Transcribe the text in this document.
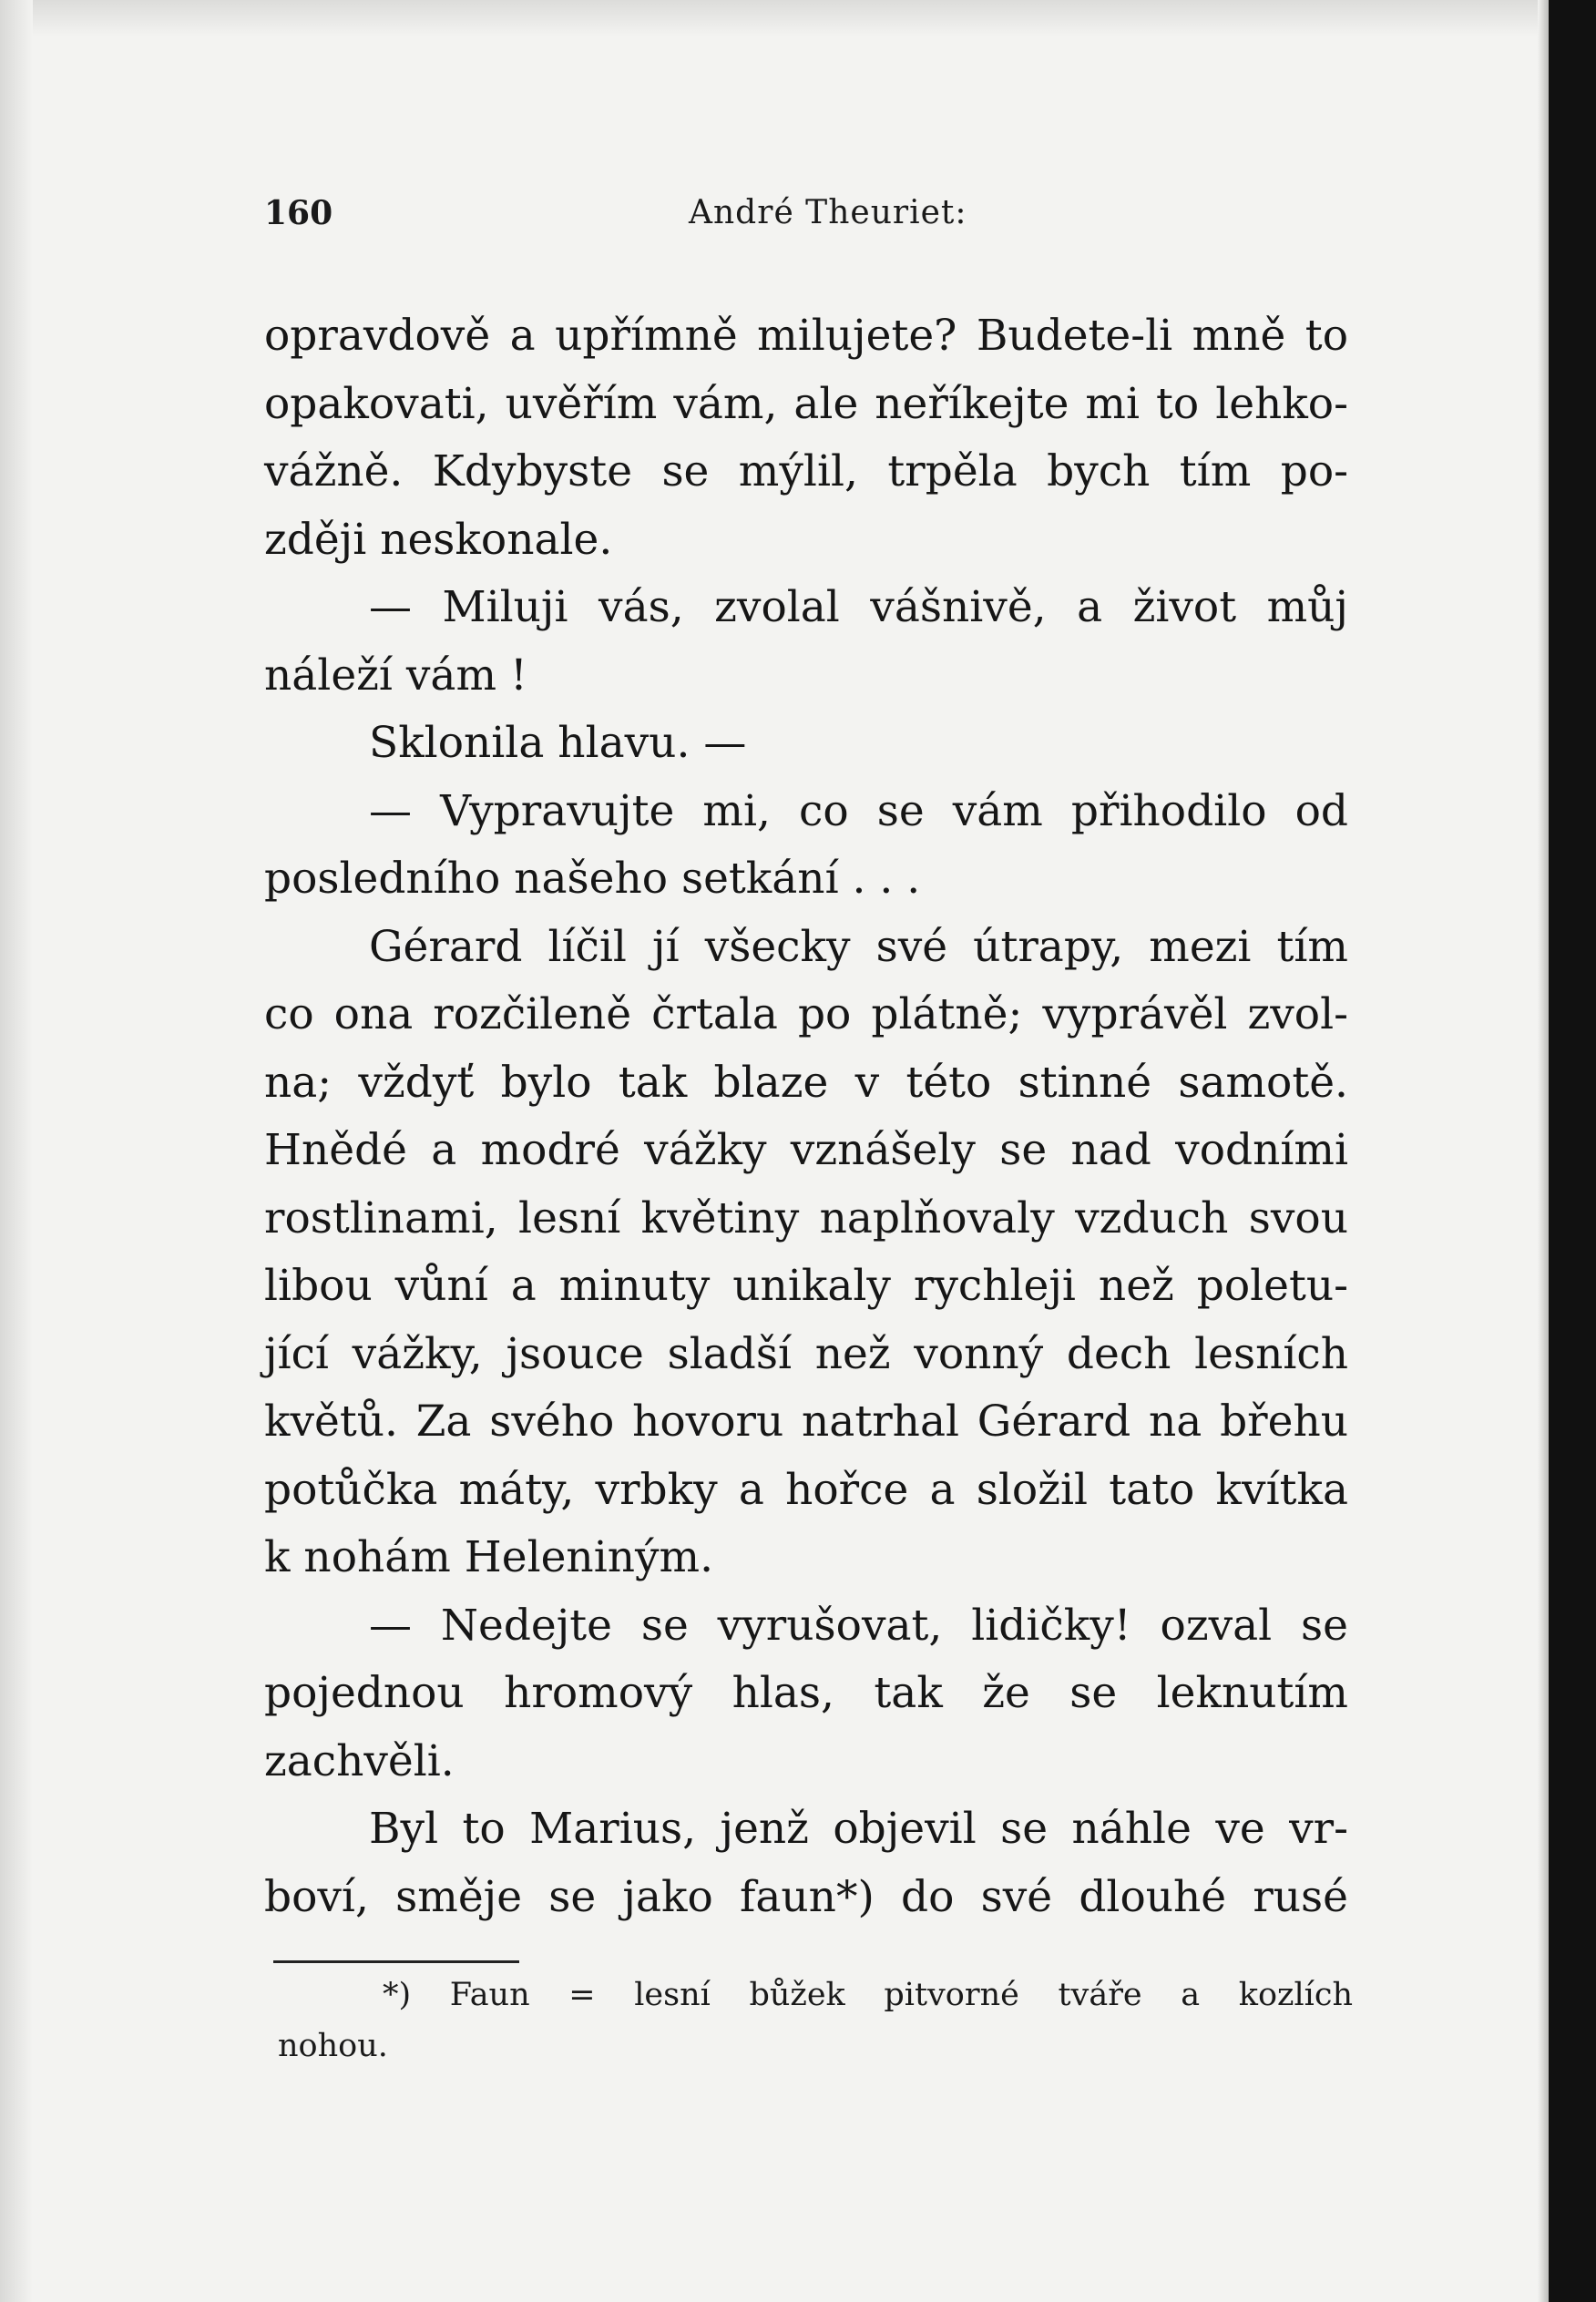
160	André Theuriet:
opravdově a upřímně milujete? Budete-li mně to
opakovati, uvěřím vám, ale neříkejte mi to lehko-
vážně. Kdybyste se mýlil, trpěla bych tím po-
zději neskonale.
— Miluji vás, zvolal vášnivě, a život můj
náleží vám !
Sklonila hlavu. —
— Vypravujte mi, co se vám přihodilo od
posledního našeho setkání . . .
Gérard líčil jí všecky své útrapy, mezi tím
co ona rozčileně črtala po plátně; vyprávěl zvol-
na; vždyť bylo tak blaze v této stinné samotě.
Hnědé a modré vážky vznášely se nad vodními
rostlinami, lesní květiny naplňovaly vzduch svou
libou vůní a minuty unikaly rychleji než poletu-
jící vážky, jsouce sladší než vonný dech lesních
květů. Za svého hovoru natrhal Gérard na břehu
potůčka máty, vrbky a hořce a složil tato kvítka
k nohám Heleniným.
— Nedejte se vyrušovat, lidičky! ozval se
pojednou hromový hlas, tak že se leknutím
zachvěli.
Byl to Marius, jenž objevil se náhle ve vr-
boví, směje se jako faun*) do své dlouhé rusé
*) Faun = lesní bůžek pitvorné tváře a kozlích
nohou.
